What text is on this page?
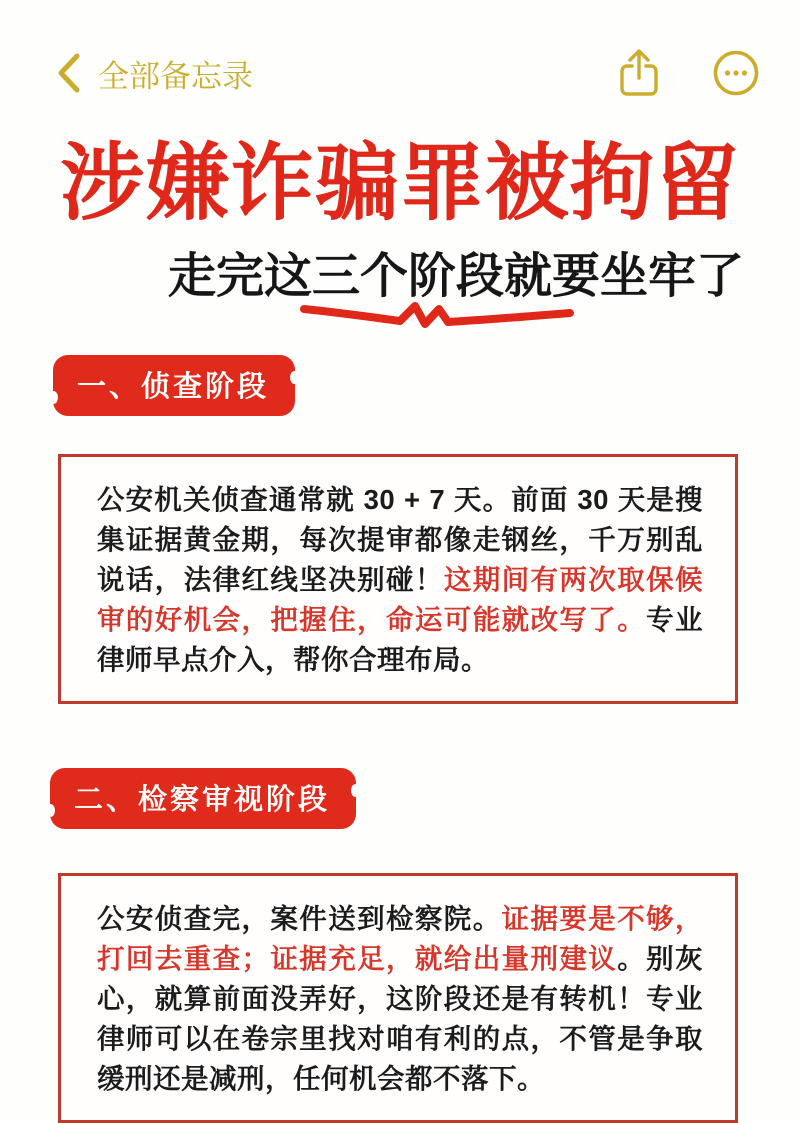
全部备忘录
涉嫌诈骗罪被拘留
走完这三个阶段就要坐牢了
一、侦查阶段
公安机关侦查通常就 30 + 7 天。前面 30 天是搜集证据黄金期，每次提审都像走钢丝，千万别乱说话，法律红线坚决别碰！这期间有两次取保候审的好机会，把握住，命运可能就改写了。专业律师早点介入，帮你合理布局。
二、检察审视阶段
公安侦查完，案件送到检察院。证据要是不够，打回去重查；证据充足，就给出量刑建议。别灰心，就算前面没弄好，这阶段还是有转机！专业律师可以在卷宗里找对咱有利的点，不管是争取缓刑还是减刑，任何机会都不落下。
